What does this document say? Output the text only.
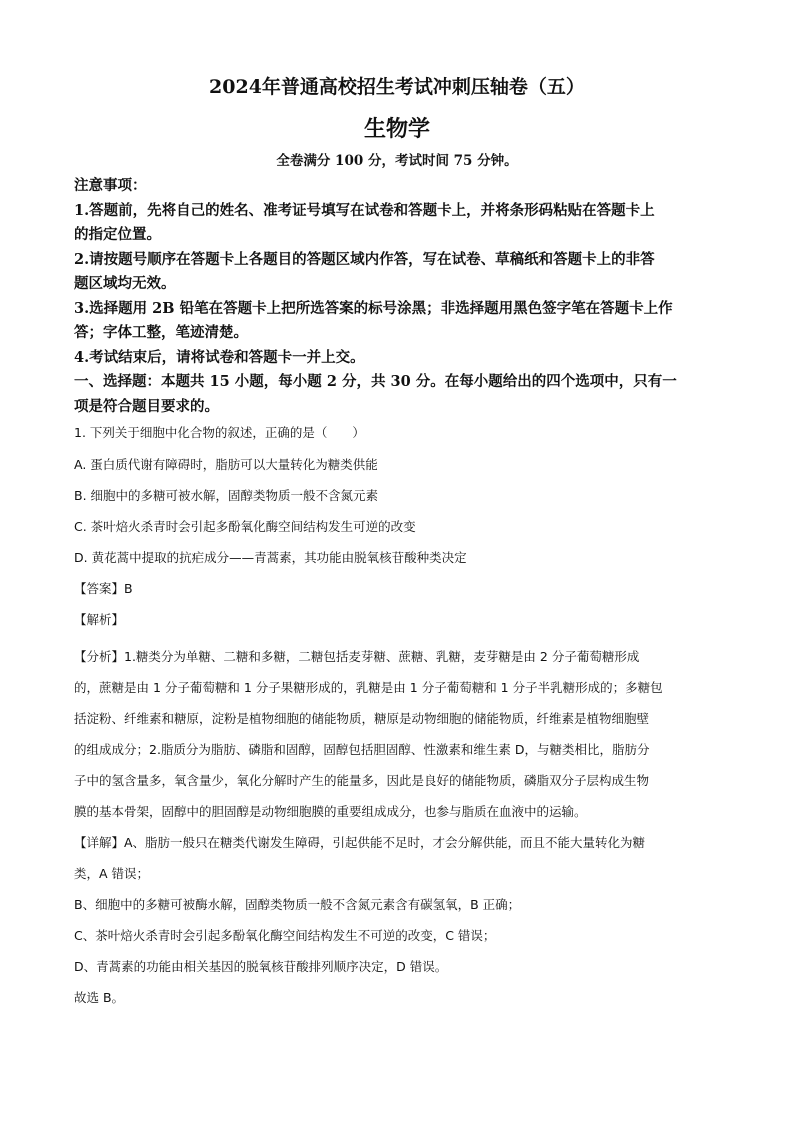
2024年普通高校招生考试冲刺压轴卷（五）
生物学
全卷满分 100 分，考试时间 75 分钟。
注意事项：
1.答题前，先将自己的姓名、准考证号填写在试卷和答题卡上，并将条形码粘贴在答题卡上
的指定位置。
2.请按题号顺序在答题卡上各题目的答题区域内作答，写在试卷、草稿纸和答题卡上的非答
题区域均无效。
3.选择题用 2B 铅笔在答题卡上把所选答案的标号涂黑；非选择题用黑色签字笔在答题卡上作
答；字体工整，笔迹清楚。
4.考试结束后，请将试卷和答题卡一并上交。
一、选择题：本题共 15 小题，每小题 2 分，共 30 分。在每小题给出的四个选项中，只有一
项是符合题目要求的。
1. 下列关于细胞中化合物的叙述，正确的是（　　）
A. 蛋白质代谢有障碍时，脂肪可以大量转化为糖类供能
B. 细胞中的多糖可被水解，固醇类物质一般不含氮元素
C. 茶叶焙火杀青时会引起多酚氧化酶空间结构发生可逆的改变
D. 黄花蒿中提取的抗疟成分——青蒿素，其功能由脱氧核苷酸种类决定
【答案】B
【解析】
【分析】1.糖类分为单糖、二糖和多糖，二糖包括麦芽糖、蔗糖、乳糖，麦芽糖是由 2 分子葡萄糖形成
的，蔗糖是由 1 分子葡萄糖和 1 分子果糖形成的，乳糖是由 1 分子葡萄糖和 1 分子半乳糖形成的；多糖包
括淀粉、纤维素和糖原，淀粉是植物细胞的储能物质，糖原是动物细胞的储能物质，纤维素是植物细胞壁
的组成成分；2.脂质分为脂肪、磷脂和固醇，固醇包括胆固醇、性激素和维生素 D，与糖类相比，脂肪分
子中的氢含量多，氧含量少，氧化分解时产生的能量多，因此是良好的储能物质，磷脂双分子层构成生物
膜的基本骨架，固醇中的胆固醇是动物细胞膜的重要组成成分，也参与脂质在血液中的运输。
【详解】A、脂肪一般只在糖类代谢发生障碍，引起供能不足时，才会分解供能，而且不能大量转化为糖
类，A 错误；
B、细胞中的多糖可被酶水解，固醇类物质一般不含氮元素含有碳氢氧，B 正确；
C、茶叶焙火杀青时会引起多酚氧化酶空间结构发生不可逆的改变，C 错误；
D、青蒿素的功能由相关基因的脱氧核苷酸排列顺序决定，D 错误。
故选 B。
